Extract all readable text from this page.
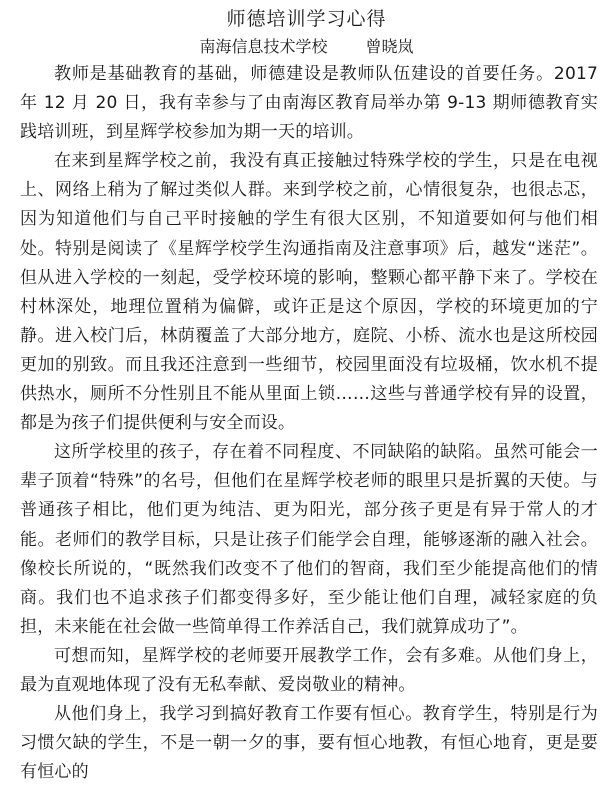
师德培训学习心得
南海信息技术学校 曾晓岚

教师是基础教育的基础，师德建设是教师队伍建设的首要任务。2017 年 12 月 20 日，我有幸参与了由南海区教育局举办第 9-13 期师德教育实践培训班，到星辉学校参加为期一天的培训。

在来到星辉学校之前，我没有真正接触过特殊学校的学生，只是在电视上、网络上稍为了解过类似人群。来到学校之前，心情很复杂，也很忐忑，因为知道他们与自己平时接触的学生有很大区别，不知道要如何与他们相处。特别是阅读了《星辉学校学生沟通指南及注意事项》后，越发“迷茫”。但从进入学校的一刻起，受学校环境的影响，整颗心都平静下来了。学校在村林深处，地理位置稍为偏僻，或许正是这个原因，学校的环境更加的宁静。进入校门后，林荫覆盖了大部分地方，庭院、小桥、流水也是这所校园更加的别致。而且我还注意到一些细节，校园里面没有垃圾桶，饮水机不提供热水，厕所不分性别且不能从里面上锁……这些与普通学校有异的设置，都是为孩子们提供便利与安全而设。

这所学校里的孩子，存在着不同程度、不同缺陷的缺陷。虽然可能会一辈子顶着“特殊”的名号，但他们在星辉学校老师的眼里只是折翼的天使。与普通孩子相比，他们更为纯洁、更为阳光，部分孩子更是有异于常人的才能。老师们的教学目标，只是让孩子们能学会自理，能够逐渐的融入社会。像校长所说的，“既然我们改变不了他们的智商，我们至少能提高他们的情商。我们也不追求孩子们都变得多好，至少能让他们自理，减轻家庭的负担，未来能在社会做一些简单得工作养活自己，我们就算成功了”。

可想而知，星辉学校的老师要开展教学工作，会有多难。从他们身上，最为直观地体现了没有无私奉献、爱岗敬业的精神。

从他们身上，我学习到搞好教育工作要有恒心。教育学生，特别是行为习惯欠缺的学生，不是一朝一夕的事，要有恒心地教，有恒心地育，更是要有恒心的
